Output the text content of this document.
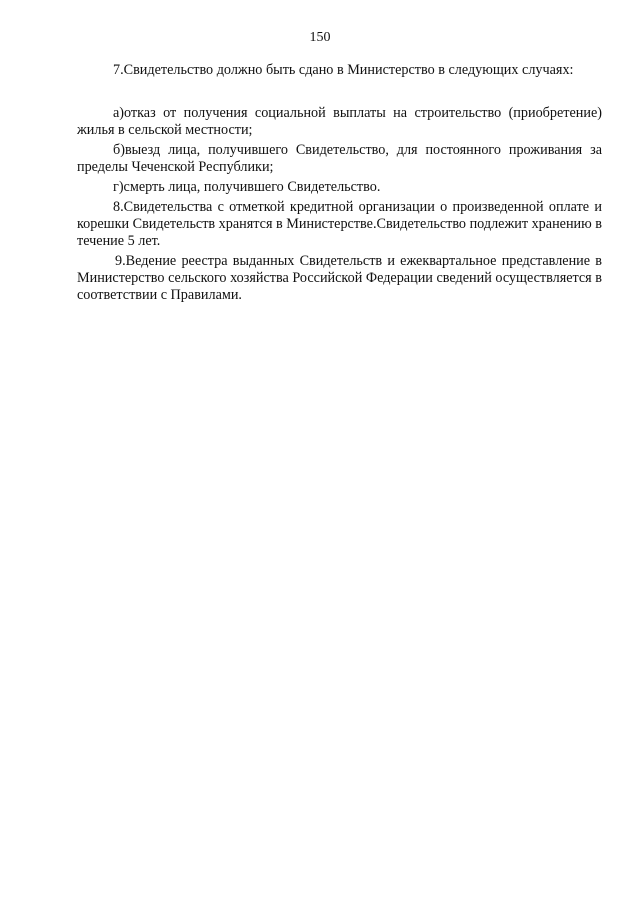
150

7.Свидетельство должно быть сдано в Министерство в следующих случаях:

а)отказ от получения социальной выплаты на строительство (приобретение) жилья в сельской местности;

б)выезд лица, получившего Свидетельство, для постоянного проживания за пределы Чеченской Республики;

г)смерть лица, получившего Свидетельство.

8.Свидетельства с отметкой кредитной организации о произведенной оплате и корешки Свидетельств хранятся в Министерстве.Свидетельство подлежит хранению в течение 5 лет.

9.Ведение реестра выданных Свидетельств и ежеквартальное представление в Министерство сельского хозяйства Российской Федерации сведений осуществляется в соответствии с Правилами.
